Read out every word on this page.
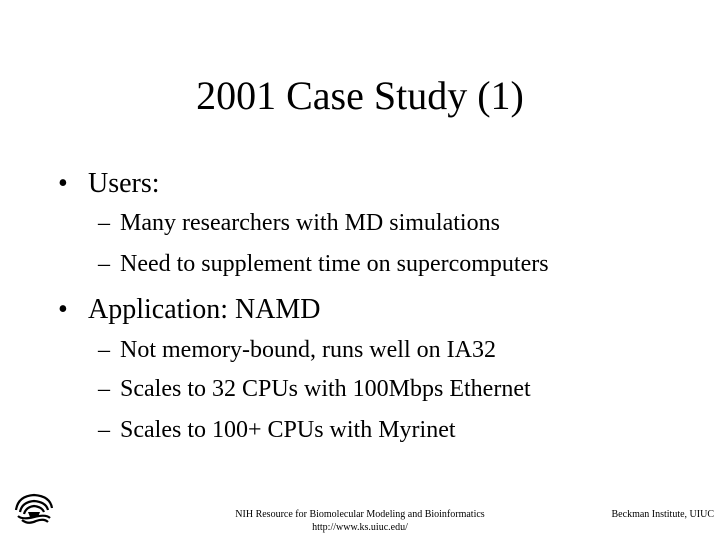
2001 Case Study (1)
• Users:
– Many researchers with MD simulations
– Need to supplement time on supercomputers
• Application: NAMD
– Not memory-bound, runs well on IA32
– Scales to 32 CPUs with 100Mbps Ethernet
– Scales to 100+ CPUs with Myrinet
NIH Resource for Biomolecular Modeling and Bioinformatics
http://www.ks.uiuc.edu/
Beckman Institute, UIUC
